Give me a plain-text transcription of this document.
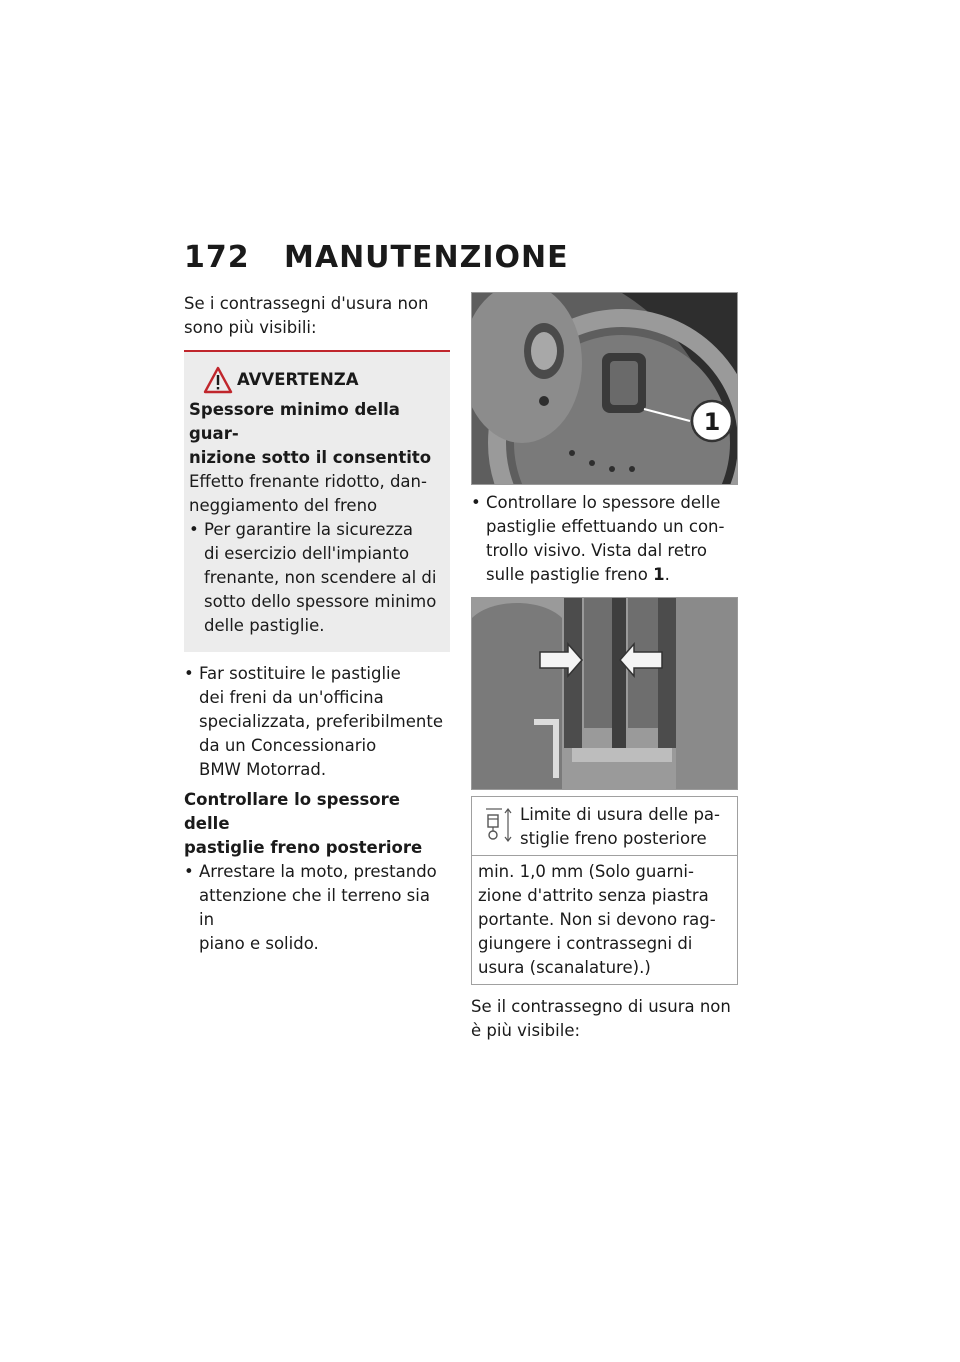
172 MANUTENZIONE

Se i contrassegni d'usura non

sono più visibili:

AVVERTENZA

Spessore minimo della guar-

nizione sotto il consentito

Effetto frenante ridotto, dan-

neggiamento del freno

• Per garantire la sicurezza
di esercizio dell'impianto
frenante, non scendere al di
sotto dello spessore minimo
delle pastiglie.
• Far sostituire le pastiglie
dei freni da un'officina
specializzata, preferibilmente
da un Concessionario
BMW Motorrad.

Controllare lo spessore delle

pastiglie freno posteriore

• Arrestare la moto, prestando
attenzione che il terreno sia in
piano e solido.
1
• Controllare lo spessore delle
pastiglie effettuando un con-
trollo visivo. Vista dal retro
sulle pastiglie freno 1.
Limite di usura delle pa-
stiglie freno posteriore
min. 1,0 mm (Solo guarni-
zione d'attrito senza piastra
portante. Non si devono rag-
giungere i contrassegni di
usura (scanalature).)

Se il contrassegno di usura non

è più visibile:
